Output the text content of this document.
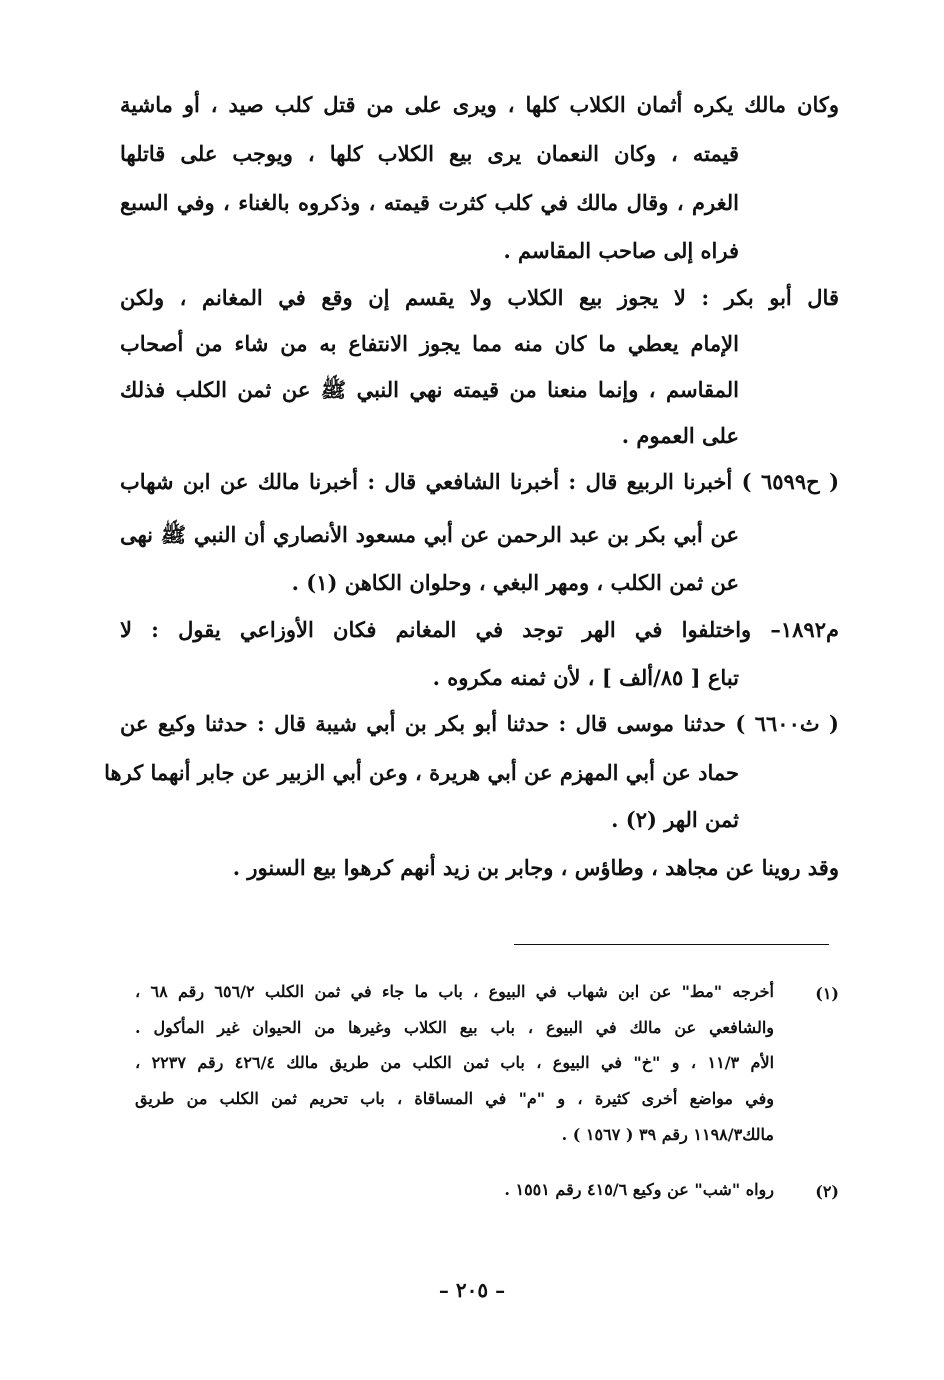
وكان مالك يكره أثمان الكلاب كلها ، ويرى على من قتل كلب صيد ، أو ماشية
قيمته ، وكان النعمان يرى بيع الكلاب كلها ، ويوجب على قاتلها
الغرم ، وقال مالك في كلب كثرت قيمته ، وذكروه بالغناء ، وفي السبع
فراه إلى صاحب المقاسم .
قال أبو بكر : لا يجوز بيع الكلاب ولا يقسم إن وقع في المغانم ، ولكن
الإمام يعطي ما كان منه مما يجوز الانتفاع به من شاء من أصحاب
المقاسم ، وإنما منعنا من قيمته نهي النبي ﷺ عن ثمن الكلب فذلك
على العموم .
( ح٦٥٩٩ ) أخبرنا الربيع قال : أخبرنا الشافعي قال : أخبرنا مالك عن ابن شهاب
عن أبي بكر بن عبد الرحمن عن أبي مسعود الأنصاري أن النبي ﷺ نهى
عن ثمن الكلب ، ومهر البغي ، وحلوان الكاهن (١) .
م١٨٩٢– واختلفوا في الهر توجد في المغانم فكان الأوزاعي يقول : لا
تباع [ ٨٥/ألف ] ، لأن ثمنه مكروه .
( ث٦٦٠٠ ) حدثنا موسى قال : حدثنا أبو بكر بن أبي شيبة قال : حدثنا وكيع عن
حماد عن أبي المهزم عن أبي هريرة ، وعن أبي الزبير عن جابر أنهما كرها
ثمن الهر (٢) .
وقد روينا عن مجاهد ، وطاؤس ، وجابر بن زيد أنهم كرهوا بيع السنور .
(١)
أخرجه "مط" عن ابن شهاب في البيوع ، باب ما جاء في ثمن الكلب ٦٥٦/٢ رقم ٦٨ ،
والشافعي عن مالك في البيوع ، باب بيع الكلاب وغيرها من الحيوان غير المأكول .
الأم ١١/٣ ، و "خ" في البيوع ، باب ثمن الكلب من طريق مالك ٤٢٦/٤ رقم ٢٢٣٧ ،
وفي مواضع أخرى كثيرة ، و "م" في المساقاة ، باب تحريم ثمن الكلب من طريق
مالك١١٩٨/٣ رقم ٣٩ ( ١٥٦٧ ) .
(٢)
رواه "شب" عن وكيع ٤١٥/٦ رقم ١٥٥١ .
– ٢٠٥ –
